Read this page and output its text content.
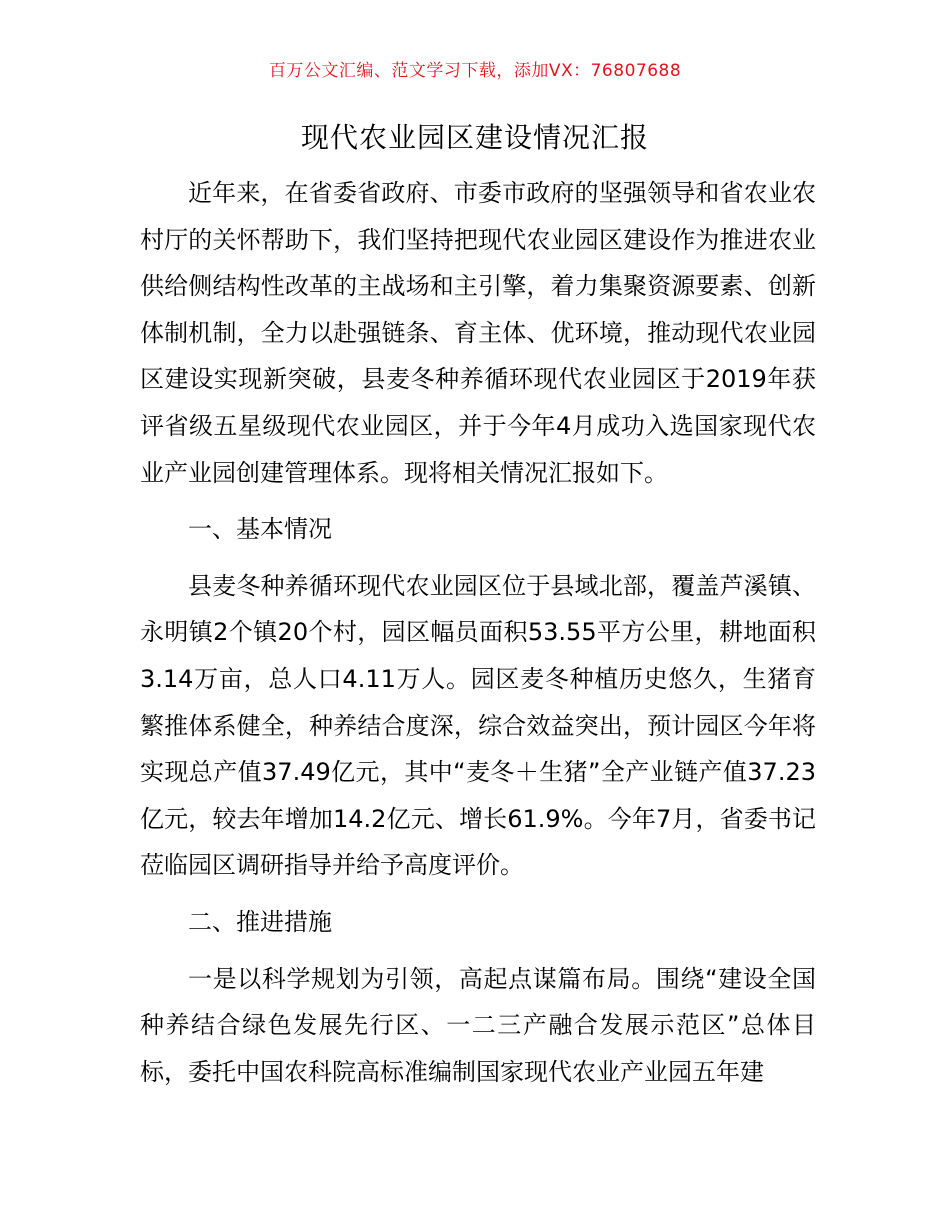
百万公文汇编、范文学习下载，添加VX：76807688
现代农业园区建设情况汇报

近年来，在省委省政府、市委市政府的坚强领导和省农业农村厅的关怀帮助下，我们坚持把现代农业园区建设作为推进农业供给侧结构性改革的主战场和主引擎，着力集聚资源要素、创新体制机制，全力以赴强链条、育主体、优环境，推动现代农业园区建设实现新突破，县麦冬种养循环现代农业园区于2019年获评省级五星级现代农业园区，并于今年4月成功入选国家现代农业产业园创建管理体系。现将相关情况汇报如下。

一、基本情况

县麦冬种养循环现代农业园区位于县域北部，覆盖芦溪镇、永明镇2个镇20个村，园区幅员面积53.55平方公里，耕地面积3.14万亩，总人口4.11万人。园区麦冬种植历史悠久，生猪育繁推体系健全，种养结合度深，综合效益突出，预计园区今年将实现总产值37.49亿元，其中“麦冬＋生猪”全产业链产值37.23亿元，较去年增加14.2亿元、增长61.9%。今年7月，省委书记莅临园区调研指导并给予高度评价。

二、推进措施

一是以科学规划为引领，高起点谋篇布局。围绕“建设全国种养结合绿色发展先行区、一二三产融合发展示范区”总体目标，委托中国农科院高标准编制国家现代农业产业园五年建
